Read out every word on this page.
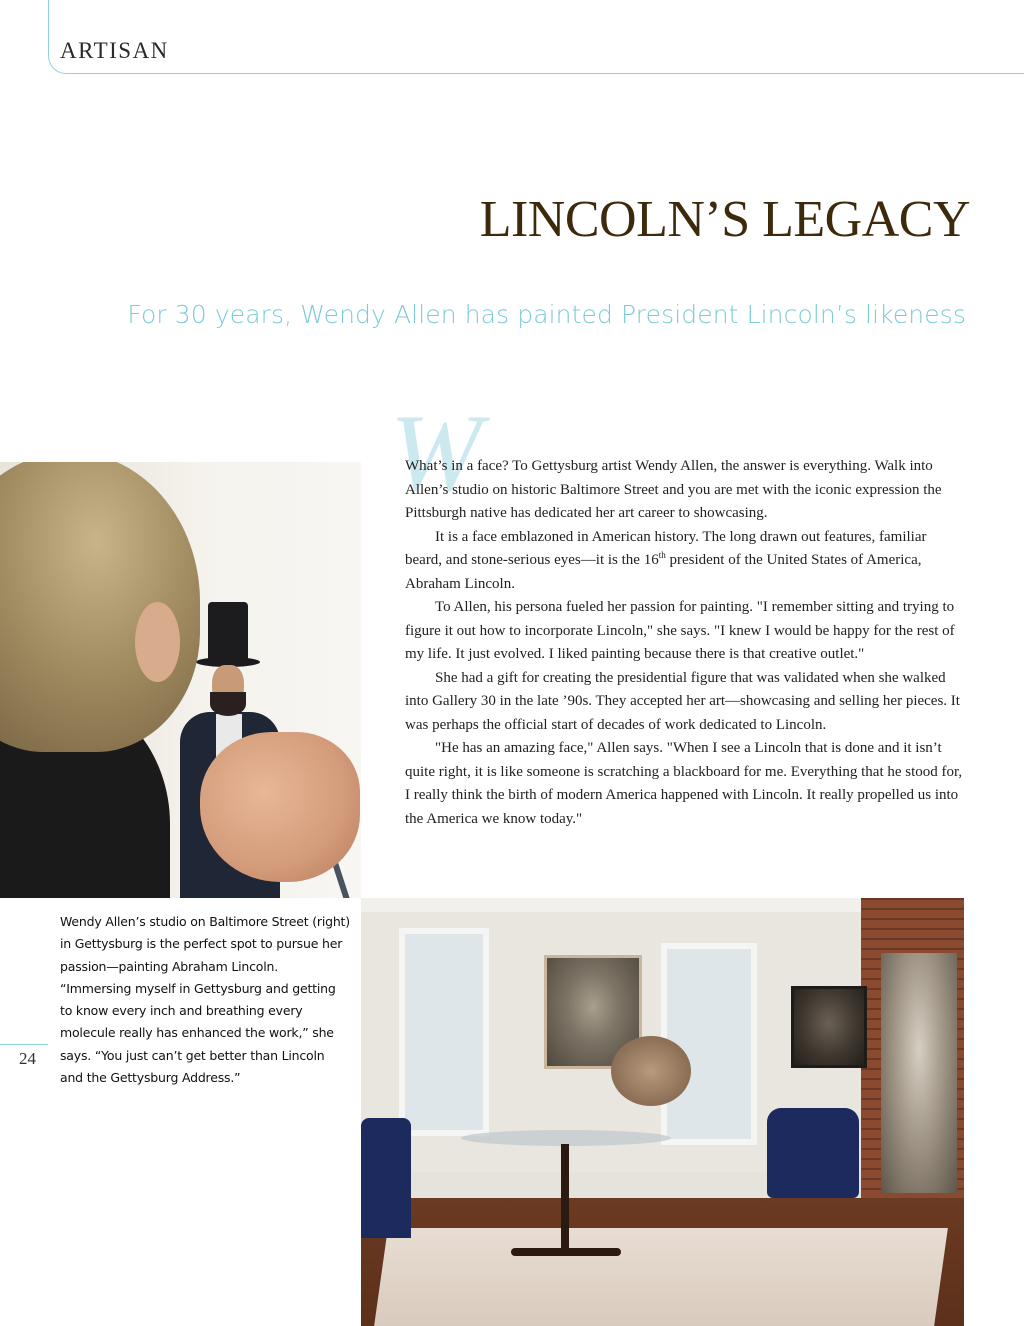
ARTISAN
LINCOLN’S LEGACY
For 30 years, Wendy Allen has painted President Lincoln’s likeness
W

What’s in a face? To Gettysburg artist Wendy Allen, the answer is everything. Walk into Allen’s studio on historic Baltimore Street and you are met with the iconic expression the Pittsburgh native has dedicated her art career to showcasing.

It is a face emblazoned in American history. The long drawn out features, familiar beard, and stone-serious eyes—it is the 16th president of the United States of America, Abraham Lincoln.

To Allen, his persona fueled her passion for painting. "I remember sitting and trying to figure it out how to incorporate Lincoln," she says. "I knew I would be happy for the rest of my life. It just evolved. I liked painting because there is that creative outlet."

She had a gift for creating the presidential figure that was validated when she walked into Gallery 30 in the late ’90s. They accepted her art—showcasing and selling her pieces. It was perhaps the official start of decades of work dedicated to Lincoln.

"He has an amazing face," Allen says. "When I see a Lincoln that is done and it isn’t quite right, it is like someone is scratching a blackboard for me. Everything that he stood for, I really think the birth of modern America happened with Lincoln. It really propelled us into the America we know today."

Wendy Allen’s studio on Baltimore Street (right) in Gettysburg is the perfect spot to pursue her passion—painting Abraham Lincoln. “Immersing myself in Gettysburg and getting to know every inch and breathing every molecule really has enhanced the work,” she says. “You just can’t get better than Lincoln and the Gettysburg Address.”
24
